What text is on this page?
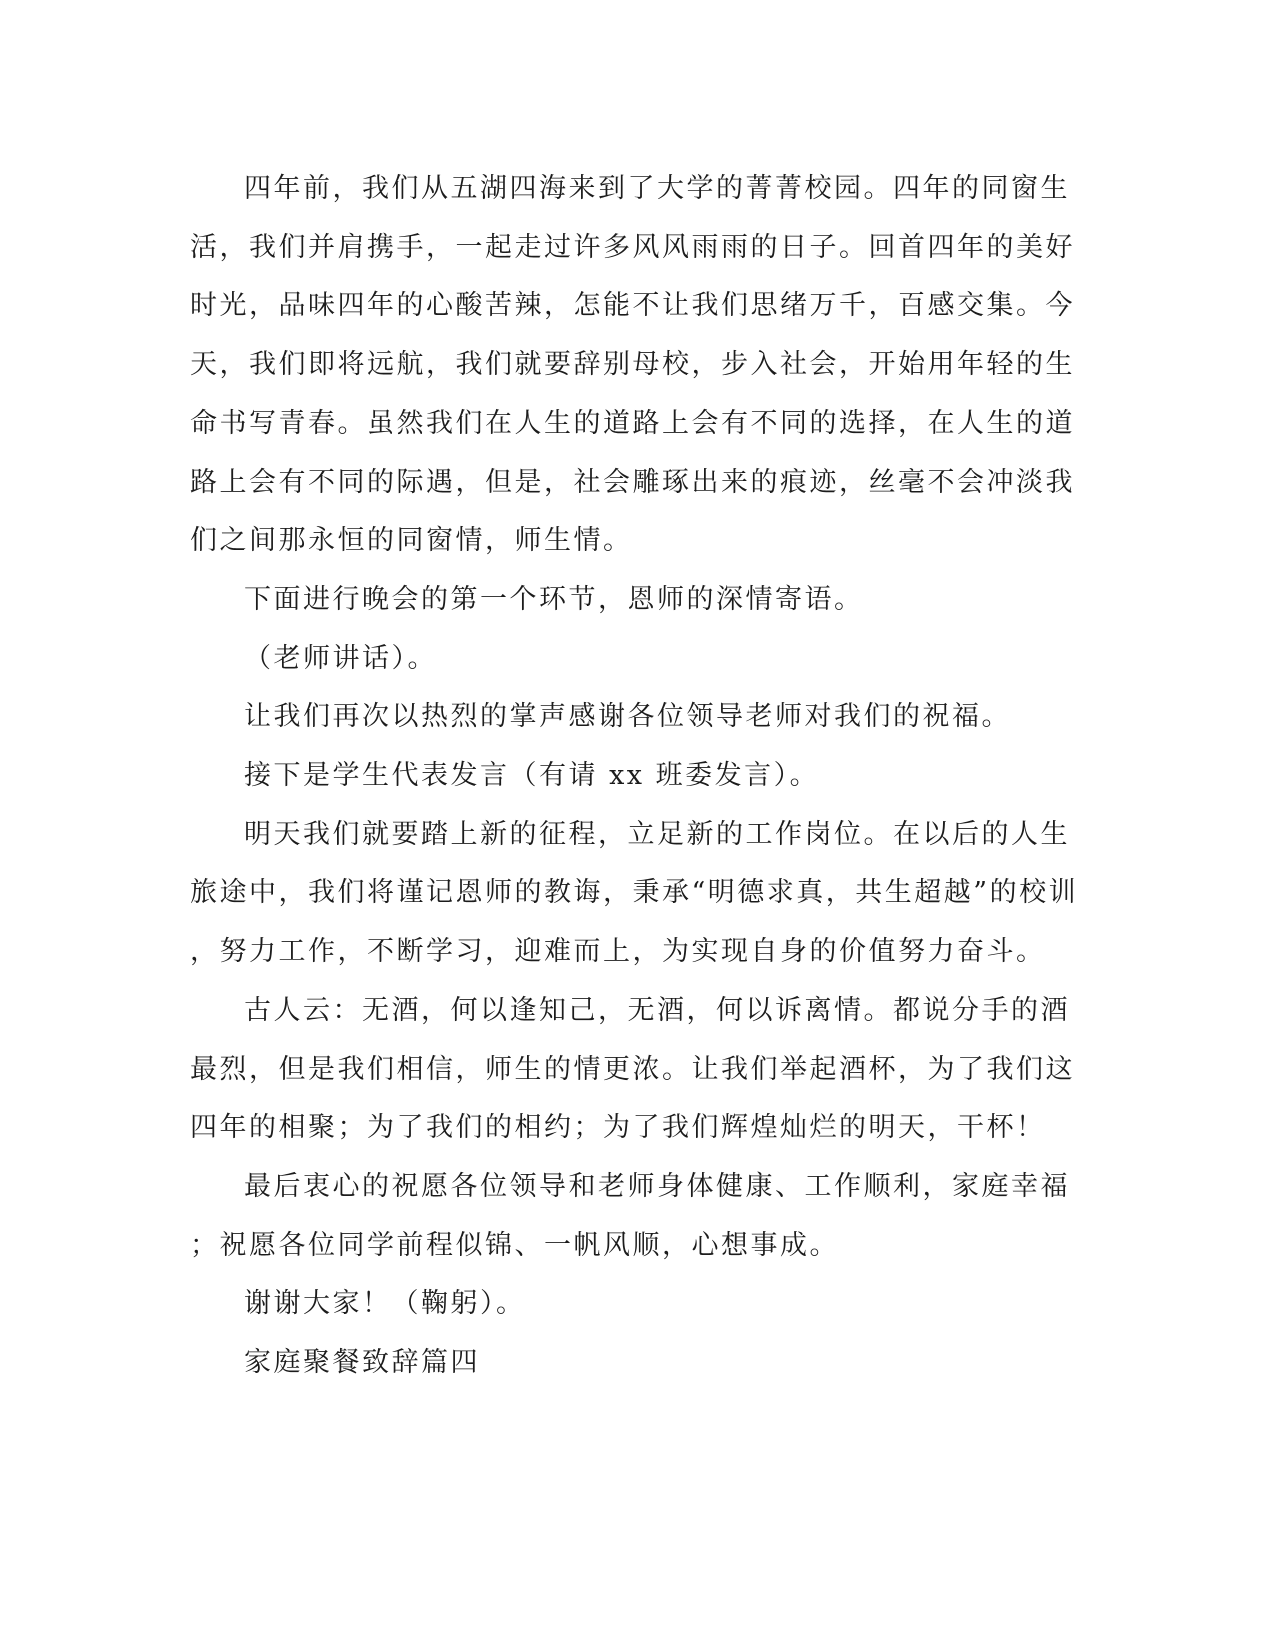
四年前，我们从五湖四海来到了大学的菁菁校园。四年的同窗生
活，我们并肩携手，一起走过许多风风雨雨的日子。回首四年的美好
时光，品味四年的心酸苦辣，怎能不让我们思绪万千，百感交集。今
天，我们即将远航，我们就要辞别母校，步入社会，开始用年轻的生
命书写青春。虽然我们在人生的道路上会有不同的选择，在人生的道
路上会有不同的际遇，但是，社会雕琢出来的痕迹，丝毫不会冲淡我
们之间那永恒的同窗情，师生情。

下面进行晚会的第一个环节，恩师的深情寄语。

（老师讲话）。

让我们再次以热烈的掌声感谢各位领导老师对我们的祝福。

接下是学生代表发言（有请 xx 班委发言）。

明天我们就要踏上新的征程，立足新的工作岗位。在以后的人生
旅途中，我们将谨记恩师的教诲，秉承“明德求真，共生超越”的校训
，努力工作，不断学习，迎难而上，为实现自身的价值努力奋斗。

古人云：无酒，何以逢知己，无酒，何以诉离情。都说分手的酒
最烈，但是我们相信，师生的情更浓。让我们举起酒杯，为了我们这
四年的相聚；为了我们的相约；为了我们辉煌灿烂的明天，干杯！

最后衷心的祝愿各位领导和老师身体健康、工作顺利，家庭幸福
；祝愿各位同学前程似锦、一帆风顺，心想事成。

谢谢大家！（鞠躬）。

家庭聚餐致辞篇四
